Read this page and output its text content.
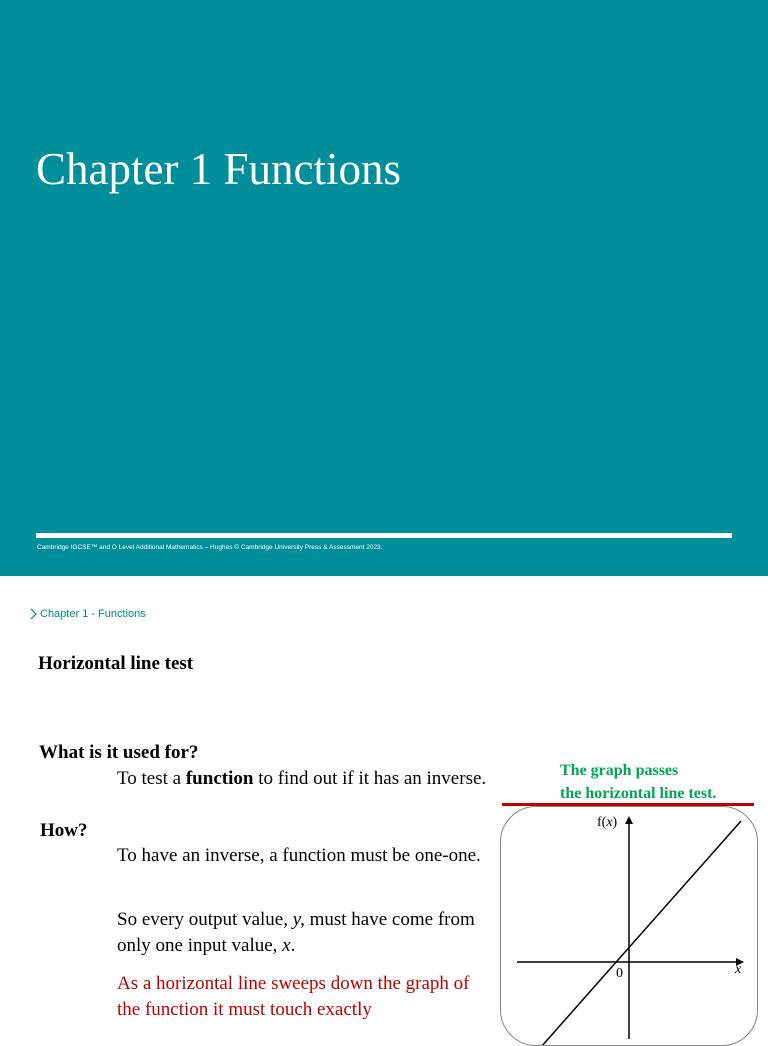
Chapter 1 Functions
Cambridge IGCSE™ and O Level Additional Mathematics – Hughes © Cambridge University Press & Assessment 2023.
Chapter 1 - Functions
Horizontal line test
What is it used for?
To test a function to find out if it has an inverse.
How?
To have an inverse, a function must be one-one.
So every output value, y, must have come from only one input value, x.
As a horizontal line sweeps down the graph of the function it must touch exactly
The graph passes
the horizontal line test.
f(x)
0	x
